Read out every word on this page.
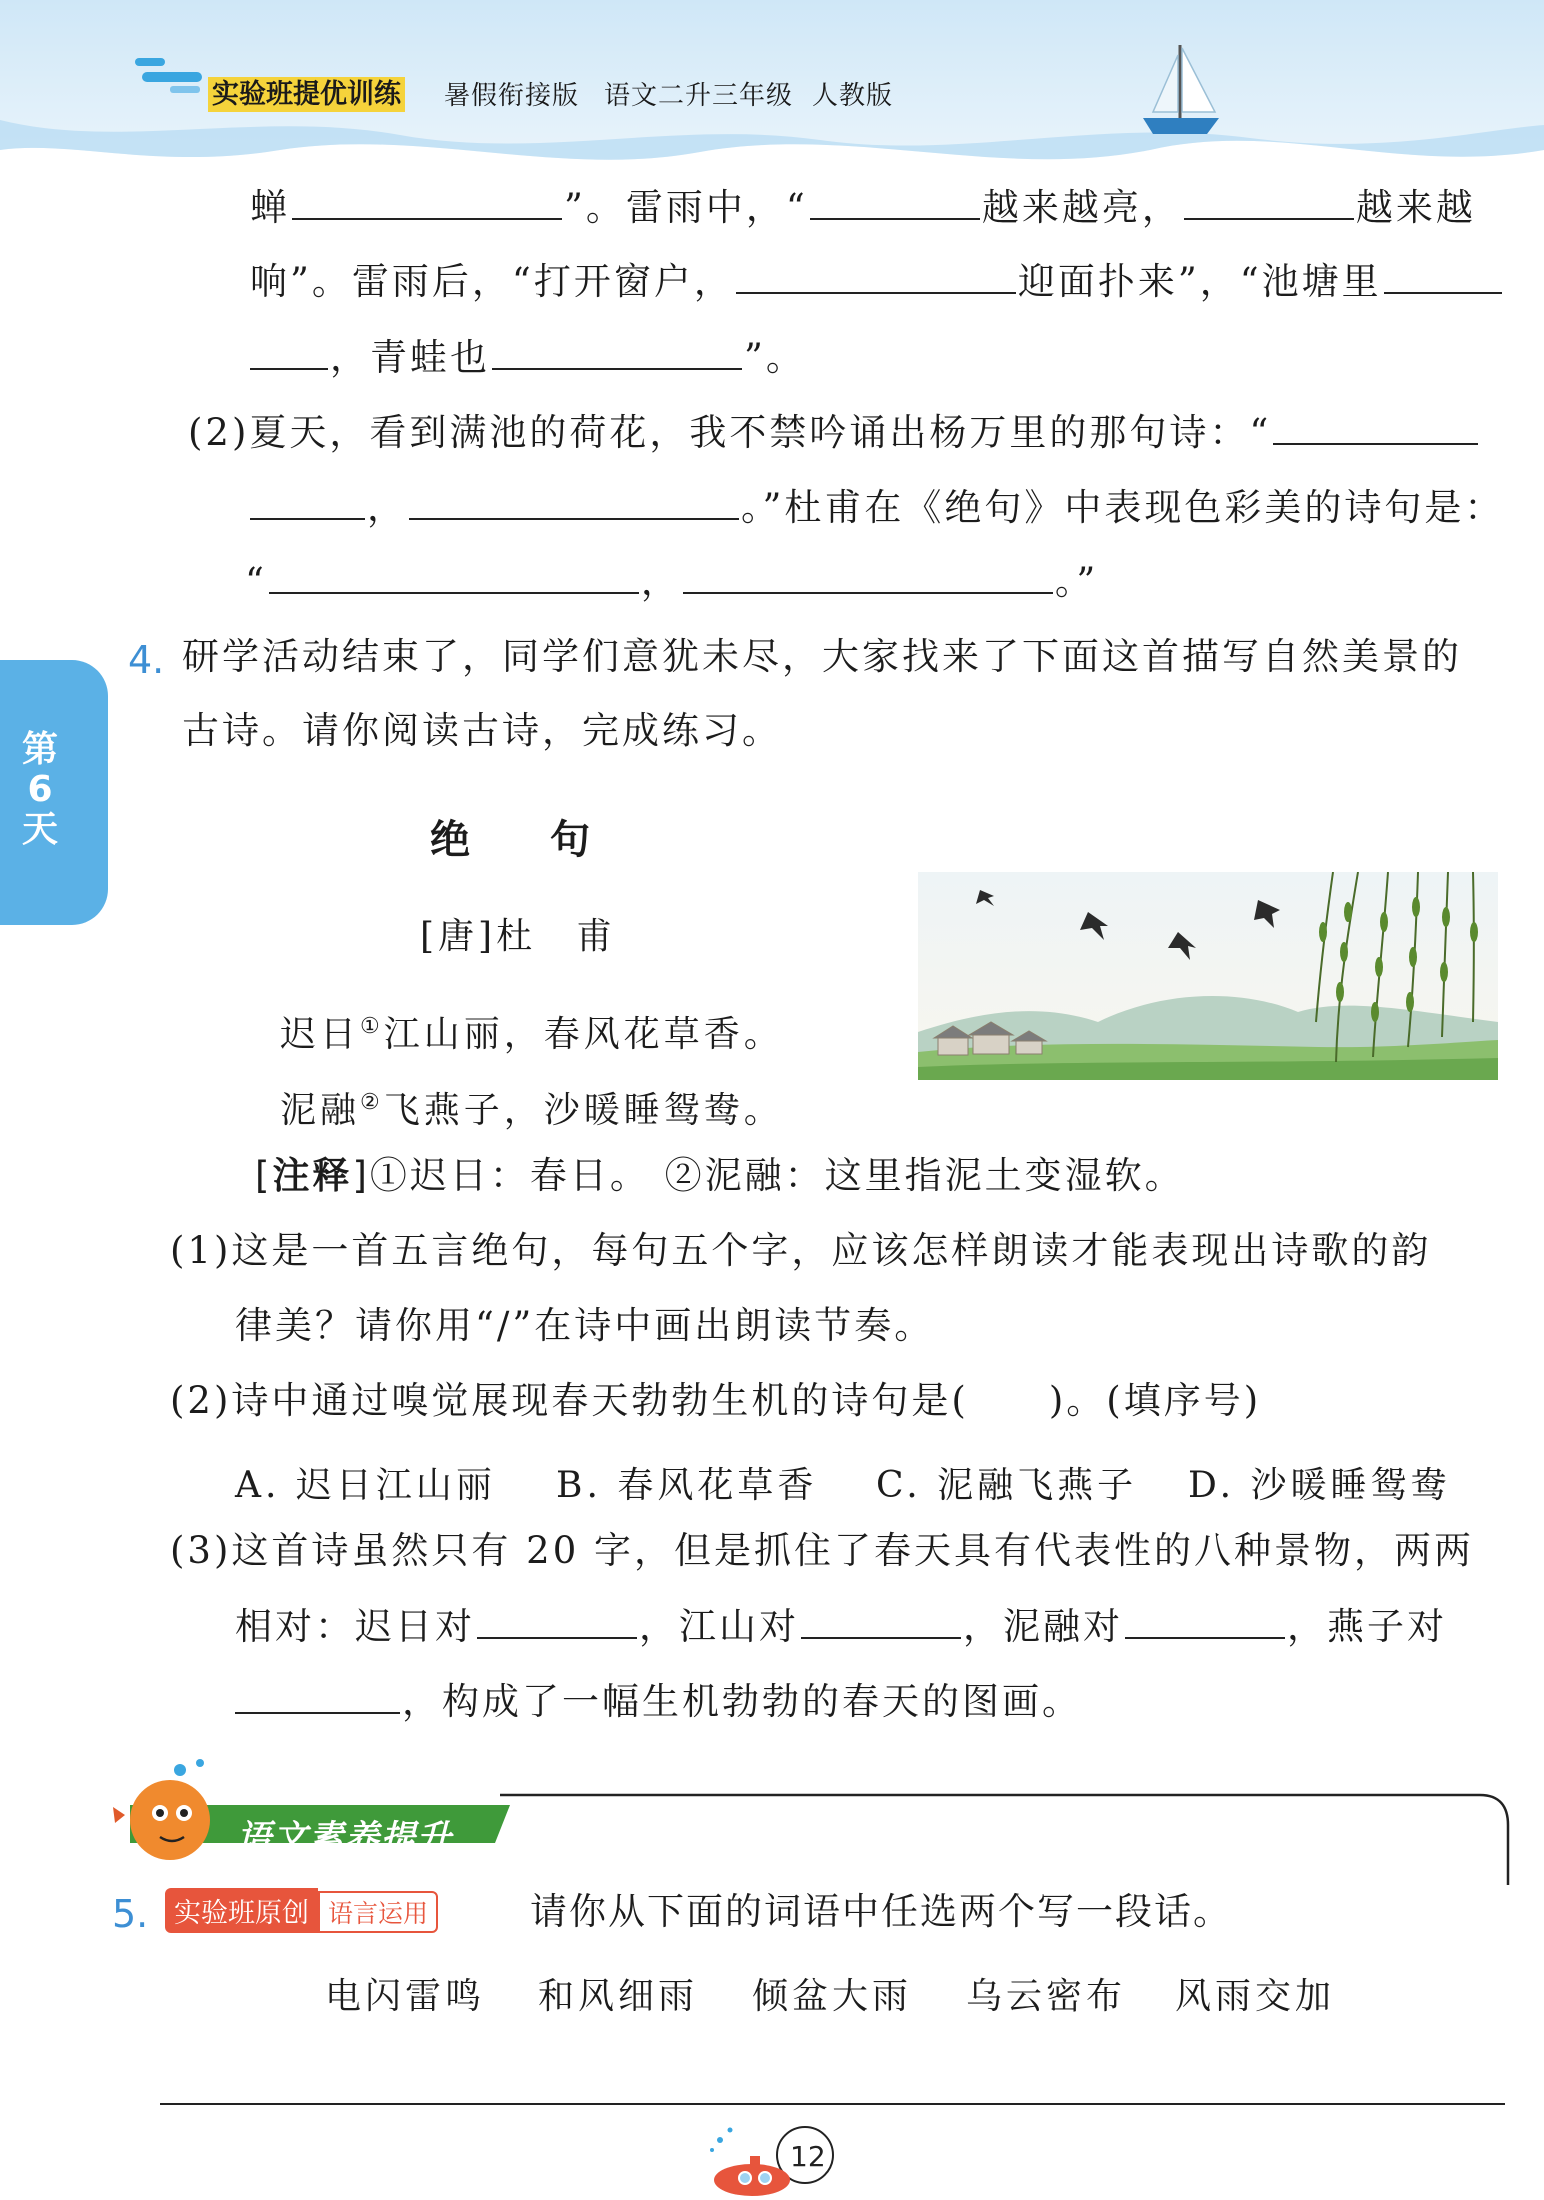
实验班提优训练 暑假衔接版 语文二升三年级 人教版
第
6
天
蝉	”。雷雨中，“	越来越亮，	越来越
响”。雷雨后，“打开窗户，	迎面扑来”，“池塘里
，青蛙也	”。
(2)夏天，看到满池的荷花，我不禁吟诵出杨万里的那句诗：“
，	。”杜甫在《绝句》中表现色彩美的诗句是：
“	，	。”
4. 研学活动结束了，同学们意犹未尽，大家找来了下面这首描写自然美景的
古诗。请你阅读古诗，完成练习。
绝　句
[唐]杜　甫
迟日①江山丽，春风花草香。
泥融②飞燕子，沙暖睡鸳鸯。
[注释]①迟日：春日。 ②泥融：这里指泥土变湿软。
(1)这是一首五言绝句，每句五个字，应该怎样朗读才能表现出诗歌的韵
律美？请你用“/”在诗中画出朗读节奏。
(2)诗中通过嗅觉展现春天勃勃生机的诗句是(　　)。(填序号)
A. 迟日江山丽 B. 春风花草香 C. 泥融飞燕子 D. 沙暖睡鸳鸯
(3)这首诗虽然只有 20 字，但是抓住了春天具有代表性的八种景物，两两
相对：迟日对	，江山对	，泥融对	，燕子对
，构成了一幅生机勃勃的春天的图画。
语文素养提升
5. 实验班原创 语言运用	请你从下面的词语中任选两个写一段话。
电闪雷鸣 和风细雨 倾盆大雨 乌云密布 风雨交加
12
